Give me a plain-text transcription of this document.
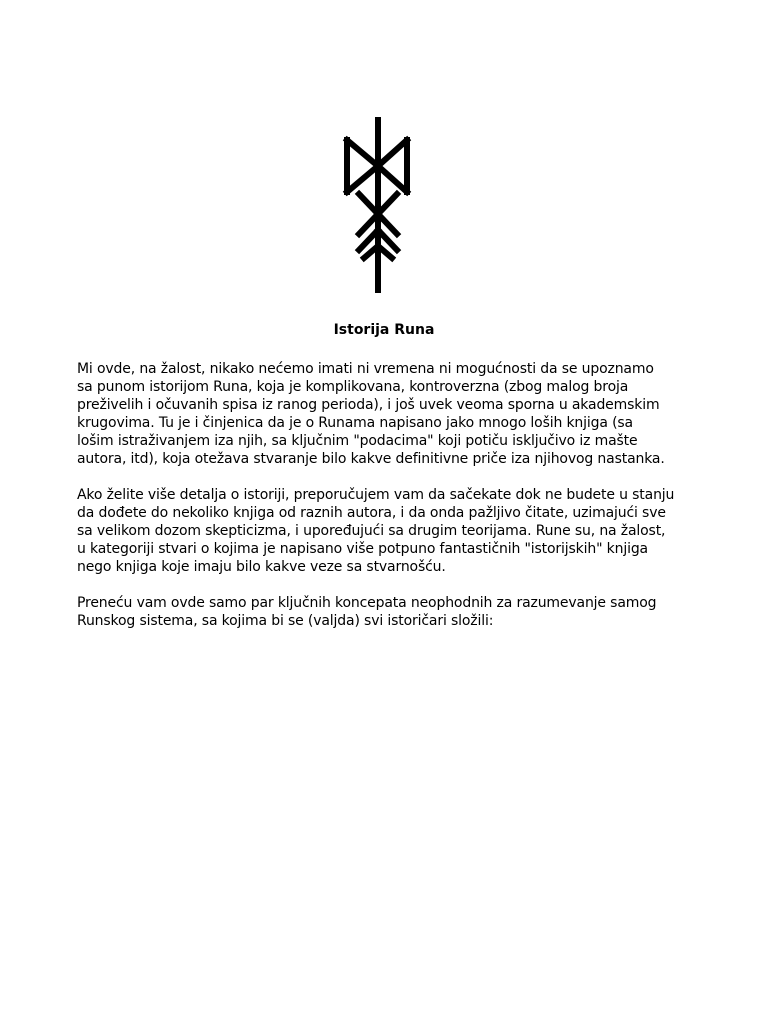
Istorija Runa

Mi ovde, na žalost, nikako nećemo imati ni vremena ni mogućnosti da se upoznamo
sa punom istorijom Runa, koja je komplikovana, kontroverzna (zbog malog broja
preživelih i očuvanih spisa iz ranog perioda), i još uvek veoma sporna u akademskim
krugovima. Tu je i činjenica da je o Runama napisano jako mnogo loših knjiga (sa
lošim istraživanjem iza njih, sa ključnim "podacima" koji potiču isključivo iz mašte
autora, itd), koja otežava stvaranje bilo kakve definitivne priče iza njihovog nastanka.

Ako želite više detalja o istoriji, preporučujem vam da sačekate dok ne budete u stanju
da dođete do nekoliko knjiga od raznih autora, i da onda pažljivo čitate, uzimajući sve
sa velikom dozom skepticizma, i upoređujući sa drugim teorijama. Rune su, na žalost,
u kategoriji stvari o kojima je napisano više potpuno fantastičnih "istorijskih" knjiga
nego knjiga koje imaju bilo kakve veze sa stvarnošću.

Preneću vam ovde samo par ključnih koncepata neophodnih za razumevanje samog
Runskog sistema, sa kojima bi se (valjda) svi istoričari složili:
